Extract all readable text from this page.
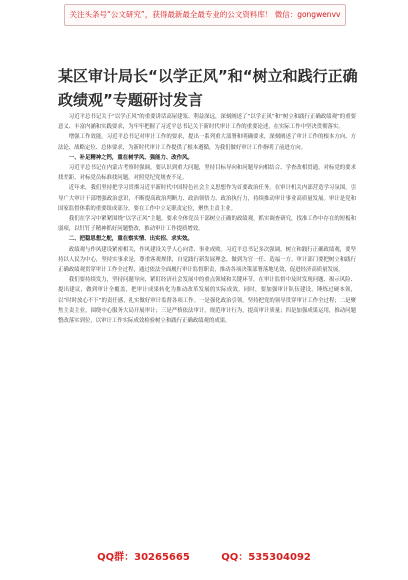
关注头条号“公文研究”，获得最新最全最专业的公文资料库！ 微信：gongwenvv
某区审计局长“以学正风”和“树立和践行正确政绩观”专题研讨发言

习近平总书记关于“以学正风”的重要讲话高屋建瓴、利益深远，深刻阐述了“以学正风”和“树立和践行正确政绩观”的重要意义、丰富内涵和实践要求，为牢牢把握了习近平总书记关于新时代审计工作的重要论述，在实际工作中坚决贯彻落实。

增强工作效能。习近平总书记对审计工作的要求，提出一系列重大部署和明确要求，深刻阐述了审计工作的根本方向、方法论、战略定位、总体要求，为新时代审计工作提供了根本遵循，为我们做好审计工作指明了前进方向。

一、补足精神之钙，重在树学风、强能力、改作风。

习近平总书记在内蒙古考察时强调，要认识到重大问题，坚持目标导向和问题导向相结合、学查改相贯通，对标党的要求找差距、对标党员标准找问题，对照党纪党规查不足。

近年来，我们坚持把学习贯彻习近平新时代中国特色社会主义思想作为首要政治任务，在审计机关内部营造学习氛围，引导广大审计干部增强政治意识，不断提高政治判断力、政治领悟力、政治执行力，持续推动审计事业高质量发展。审计是党和国家监督体系的重要组成部分，要在工作中立足职责定位，聚焦主责主业。

我们在学习中紧紧围绕“以学正风”主题，要求全体党员干部树立正确的政绩观，抓实调查研究，找准工作中存在的短板和弱项，以钉钉子精神抓好问题整改，推动审计工作提质增效。

二、把稳思想之舵，重在察实情、出实招、求实效。

政绩观与作风建设紧密相关，作风建设关乎人心向背、事业成败。习近平总书记多次强调，树立和践行正确政绩观，要坚持以人民为中心，坚持实事求是，尊重客观规律，自觉践行新发展理念，做到为官一任、造福一方。审计部门要把树立和践行正确政绩观贯穿审计工作全过程，通过依法全面履行审计监督职责，推动各项决策部署落地见效，促进经济高质量发展。

我们要持续发力，坚持问题导向，紧盯经济社会发展中的重点领域和关键环节，在审计监督中及时发现问题、揭示风险、提出建议，做到审计全覆盖，把审计成果转化为推动改革发展的实际成效。同时，要加强审计队伍建设，锤炼过硬本领，以“时时放心不下”的责任感，扎实做好审计监督各项工作。一是强化政治引领，坚持把党的领导贯穿审计工作全过程；二是聚焦主责主业，围绕中心服务大局开展审计；三是严格依法审计，规范审计行为，提高审计质量；四是加强成果运用，推动问题整改落实到位，以审计工作实际成效检验树立和践行正确政绩观的成果。

QQ群：30265665	QQ：535304092
